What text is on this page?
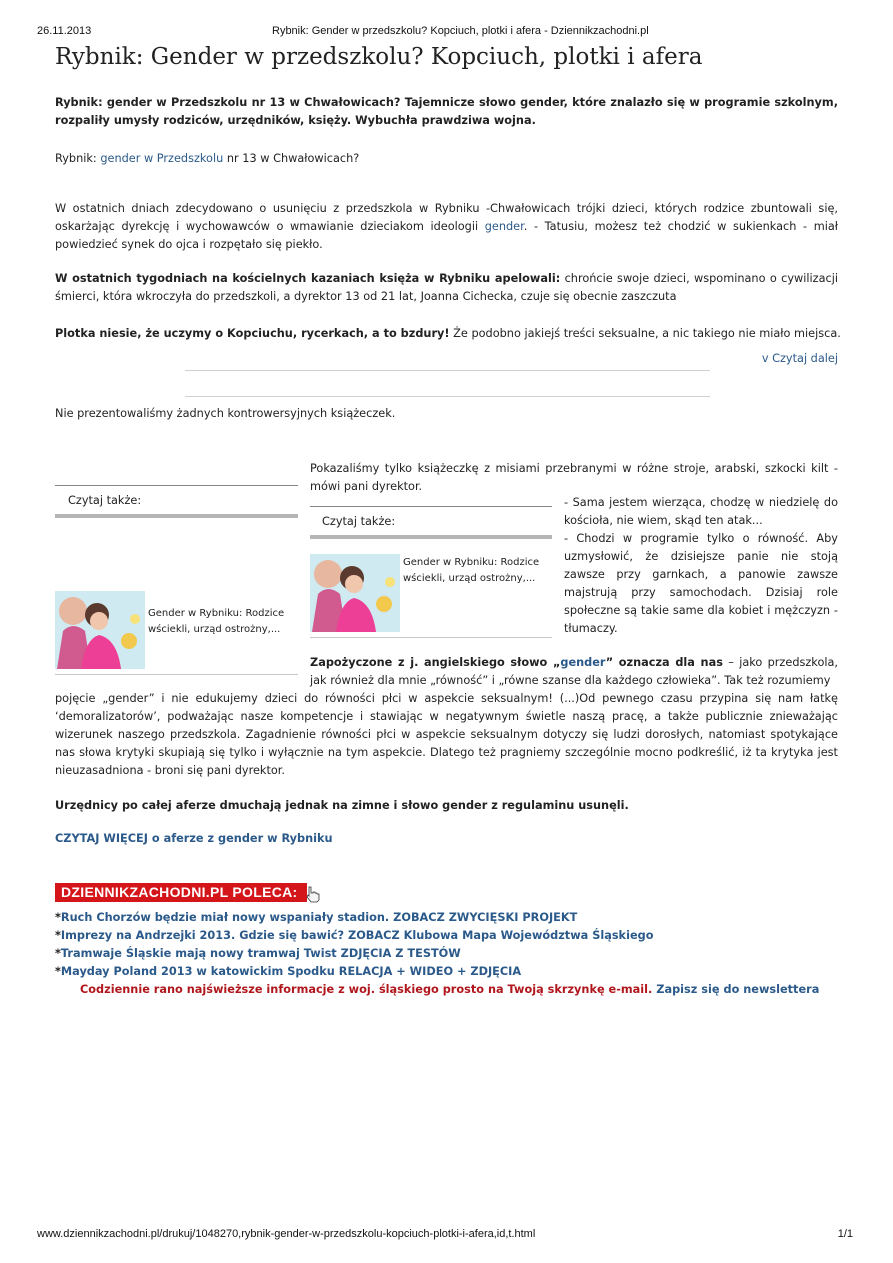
26.11.2013	Rybnik: Gender w przedszkolu? Kopciuch, plotki i afera - Dziennikzachodni.pl
Rybnik: Gender w przedszkolu? Kopciuch, plotki i afera
Rybnik: gender w Przedszkolu nr 13 w Chwałowicach? Tajemnicze słowo gender, które znalazło się w programie szkolnym, rozpaliły umysły rodziców, urzędników, księży. Wybuchła prawdziwa wojna.
Rybnik: gender w Przedszkolu nr 13 w Chwałowicach?
W ostatnich dniach zdecydowano o usunięciu z przedszkola w Rybniku -Chwałowicach trójki dzieci, których rodzice zbuntowali się, oskarżając dyrekcję i wychowawców o wmawianie dzieciakom ideologii gender. - Tatusiu, możesz też chodzić w sukienkach - miał powiedzieć synek do ojca i rozpętało się piekło.
W ostatnich tygodniach na kościelnych kazaniach księża w Rybniku apelowali: chrońcie swoje dzieci, wspominano o cywilizacji śmierci, która wkroczyła do przedszkoli, a dyrektor 13 od 21 lat, Joanna Cichecka, czuje się obecnie zaszczuta
Plotka niesie, że uczymy o Kopciuchu, rycerkach, a to bzdury! Że podobno jakiejś treści seksualne, a nic takiego nie miało miejsca.
v Czytaj dalej
Nie prezentowaliśmy żadnych kontrowersyjnych książeczek.
Czytaj także:
Gender w Rybniku: Rodzice wściekli, urząd ostrożny,...
Pokazaliśmy tylko książeczkę z misiami przebranymi w różne stroje, arabski, szkocki kilt - mówi pani dyrektor.
Czytaj także:
Gender w Rybniku: Rodzice wściekli, urząd ostrożny,...
- Sama jestem wierząca, chodzę w niedzielę do kościoła, nie wiem, skąd ten atak...
- Chodzi w programie tylko o równość. Aby uzmysłowić, że dzisiejsze panie nie stoją zawsze przy garnkach, a panowie zawsze majstrują przy samochodach. Dzisiaj role społeczne są takie same dla kobiet i mężczyzn - tłumaczy.
Zapożyczone z j. angielskiego słowo „gender” oznacza dla nas – jako przedszkola, jak również dla mnie „równość” i „równe szanse dla każdego człowieka”. Tak też rozumiemy
pojęcie „gender” i nie edukujemy dzieci do równości płci w aspekcie seksualnym! (...)Od pewnego czasu przypina się nam łatkę ‘demoralizatorów’, podważając nasze kompetencje i stawiając w negatywnym świetle naszą pracę, a także publicznie znieważając wizerunek naszego przedszkola. Zagadnienie równości płci w aspekcie seksualnym dotyczy się ludzi dorosłych, natomiast spotykające nas słowa krytyki skupiają się tylko i wyłącznie na tym aspekcie. Dlatego też pragniemy szczególnie mocno podkreślić, iż ta krytyka jest nieuzasadniona - broni się pani dyrektor.
Urzędnicy po całej aferze dmuchają jednak na zimne i słowo gender z regulaminu usunęli.
CZYTAJ WIĘCEJ o aferze z gender w Rybniku
DZIENNIKZACHODNI.PL POLECA:
*Ruch Chorzów będzie miał nowy wspaniały stadion. ZOBACZ ZWYCIĘSKI PROJEKT
*Imprezy na Andrzejki 2013. Gdzie się bawić? ZOBACZ Klubowa Mapa Województwa Śląskiego
*Tramwaje Śląskie mają nowy tramwaj Twist ZDJĘCIA Z TESTÓW
*Mayday Poland 2013 w katowickim Spodku RELACJA + WIDEO + ZDJĘCIA
Codziennie rano najświeższe informacje z woj. śląskiego prosto na Twoją skrzynkę e-mail. Zapisz się do newslettera
www.dziennikzachodni.pl/drukuj/1048270,rybnik-gender-w-przedszkolu-kopciuch-plotki-i-afera,id,t.html	1/1
